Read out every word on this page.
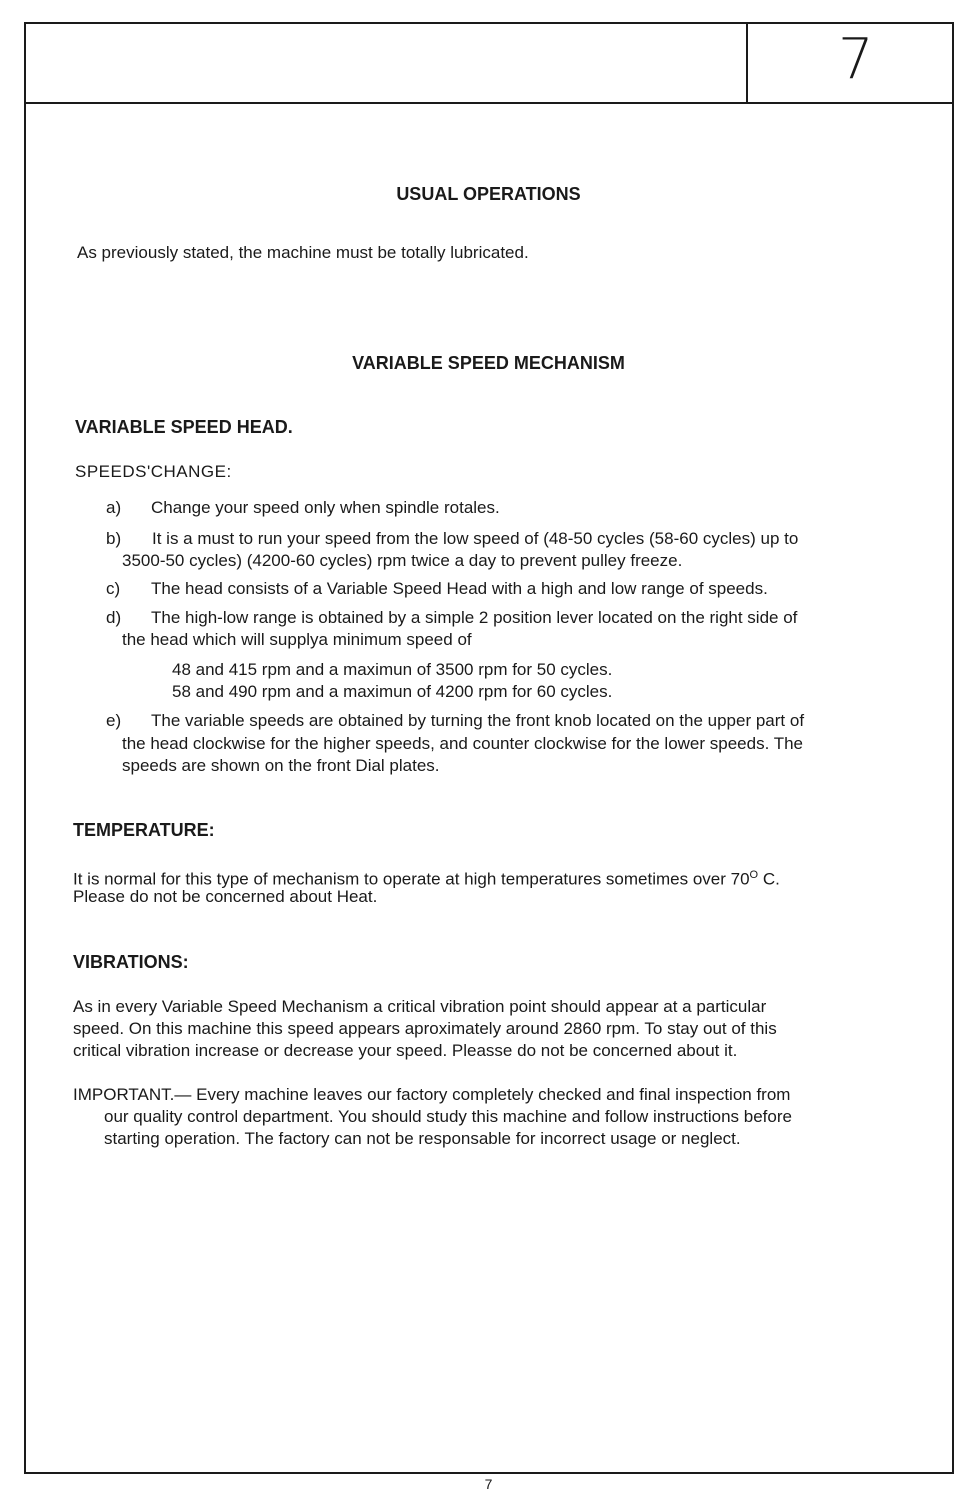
7
USUAL OPERATIONS
As previously stated, the machine must be totally lubricated.
VARIABLE SPEED MECHANISM
VARIABLE SPEED HEAD.
SPEEDS'CHANGE:
a) Change your speed only when spindle rotales.
b) It is a must to run your speed from the low speed of (48-50 cycles (58-60 cycles) up to
3500-50 cycles) (4200-60 cycles) rpm twice a day to prevent pulley freeze.
c) The head consists of a Variable Speed Head with a high and low range of speeds.
d) The high-low range is obtained by a simple 2 position lever located on the right side of
the head which will supplya minimum speed of
48 and 415 rpm and a maximun of 3500 rpm for 50 cycles.
58 and 490 rpm and a maximun of 4200 rpm for 60 cycles.
e) The variable speeds are obtained by turning the front knob located on the upper part of
the head clockwise for the higher speeds, and counter clockwise for the lower speeds. The
speeds are shown on the front Dial plates.
TEMPERATURE:
It is normal for this type of mechanism to operate at high temperatures sometimes over $70^O$ C.
Please do not be concerned about Heat.
VIBRATIONS:
As in every Variable Speed Mechanism a critical vibration point should appear at a particular
speed. On this machine this speed appears aproximately around 2860 rpm. To stay out of this
critical vibration increase or decrease your speed. Pleasse do not be concerned about it.
IMPORTANT.— Every machine leaves our factory completely checked and final inspection from
our quality control department. You should study this machine and follow instructions before
starting operation. The factory can not be responsable for incorrect usage or neglect.
7
